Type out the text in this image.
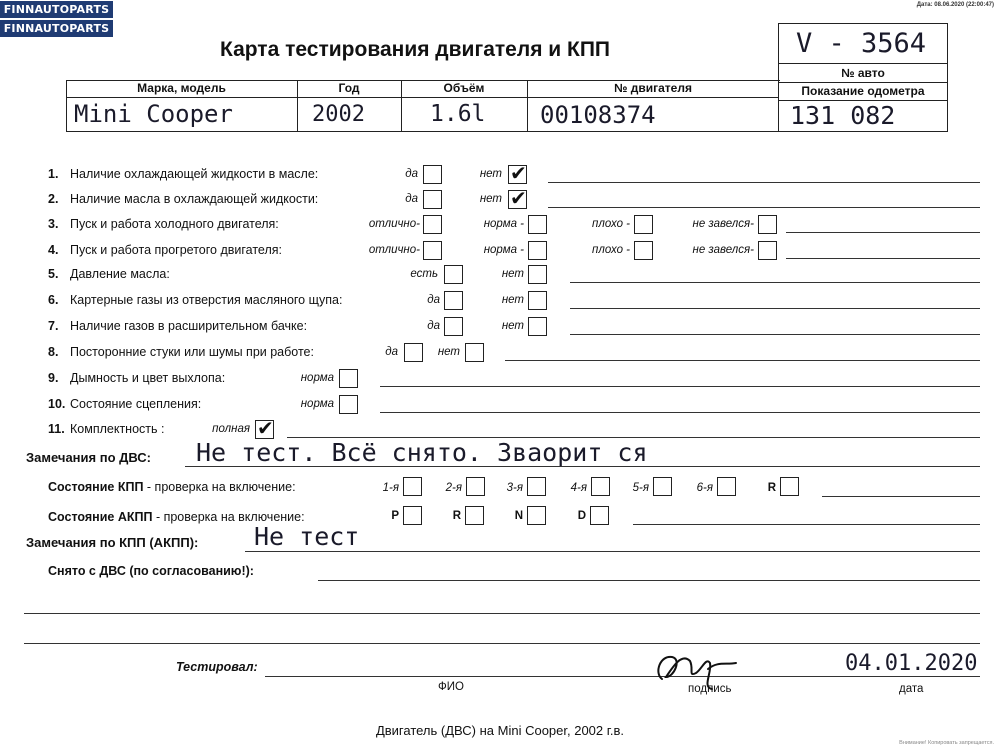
FINNAUTOPARTS
FINNAUTOPARTS
Дата: 08.06.2020 (22:00:47)
Карта тестирования двигателя и КПП	V - 3564
№ авто
Показание одометра
131 082
Марка, модель	Год	Объём	№ двигателя
Mini Cooper	2002	1.6l 00108374
1. Наличие охлаждающей жидкости в масле:	да	нет ✔
2. Наличие масла в охлаждающей жидкости:	да	нет ✔
3. Пуск и работа холодного двигателя:	отлично-	норма -	плохо -	не завелся-
4. Пуск и работа прогретого двигателя:	отлично-	норма -	плохо -	не завелся-
5. Давление масла:	есть	нет
6. Картерные газы из отверстия масляного щупа:	да	нет
7. Наличие газов в расширительном бачке:	да	нет
8. Посторонние стуки или шумы при работе:	да	нет
9. Дымность и цвет выхлопа:	норма
10. Состояние сцепления:	норма
11. Комплектность :	полная ✔
Замечания по ДВС: Не тест. Всё снято. Зваорит ся
Состояние КПП - проверка на включение:	1-я	2-я	3-я	4-я	5-я	6-я	R
Состояние АКПП - проверка на включение:	P	R	N	D
Замечания по КПП (АКПП): Не тест
Снято с ДВС (по согласованию!):
Тестировал:
ФИО	подпись	дата
04.01.2020
Двигатель (ДВС) на Mini Cooper, 2002 г.в.
Внимание! Копировать запрещается.
